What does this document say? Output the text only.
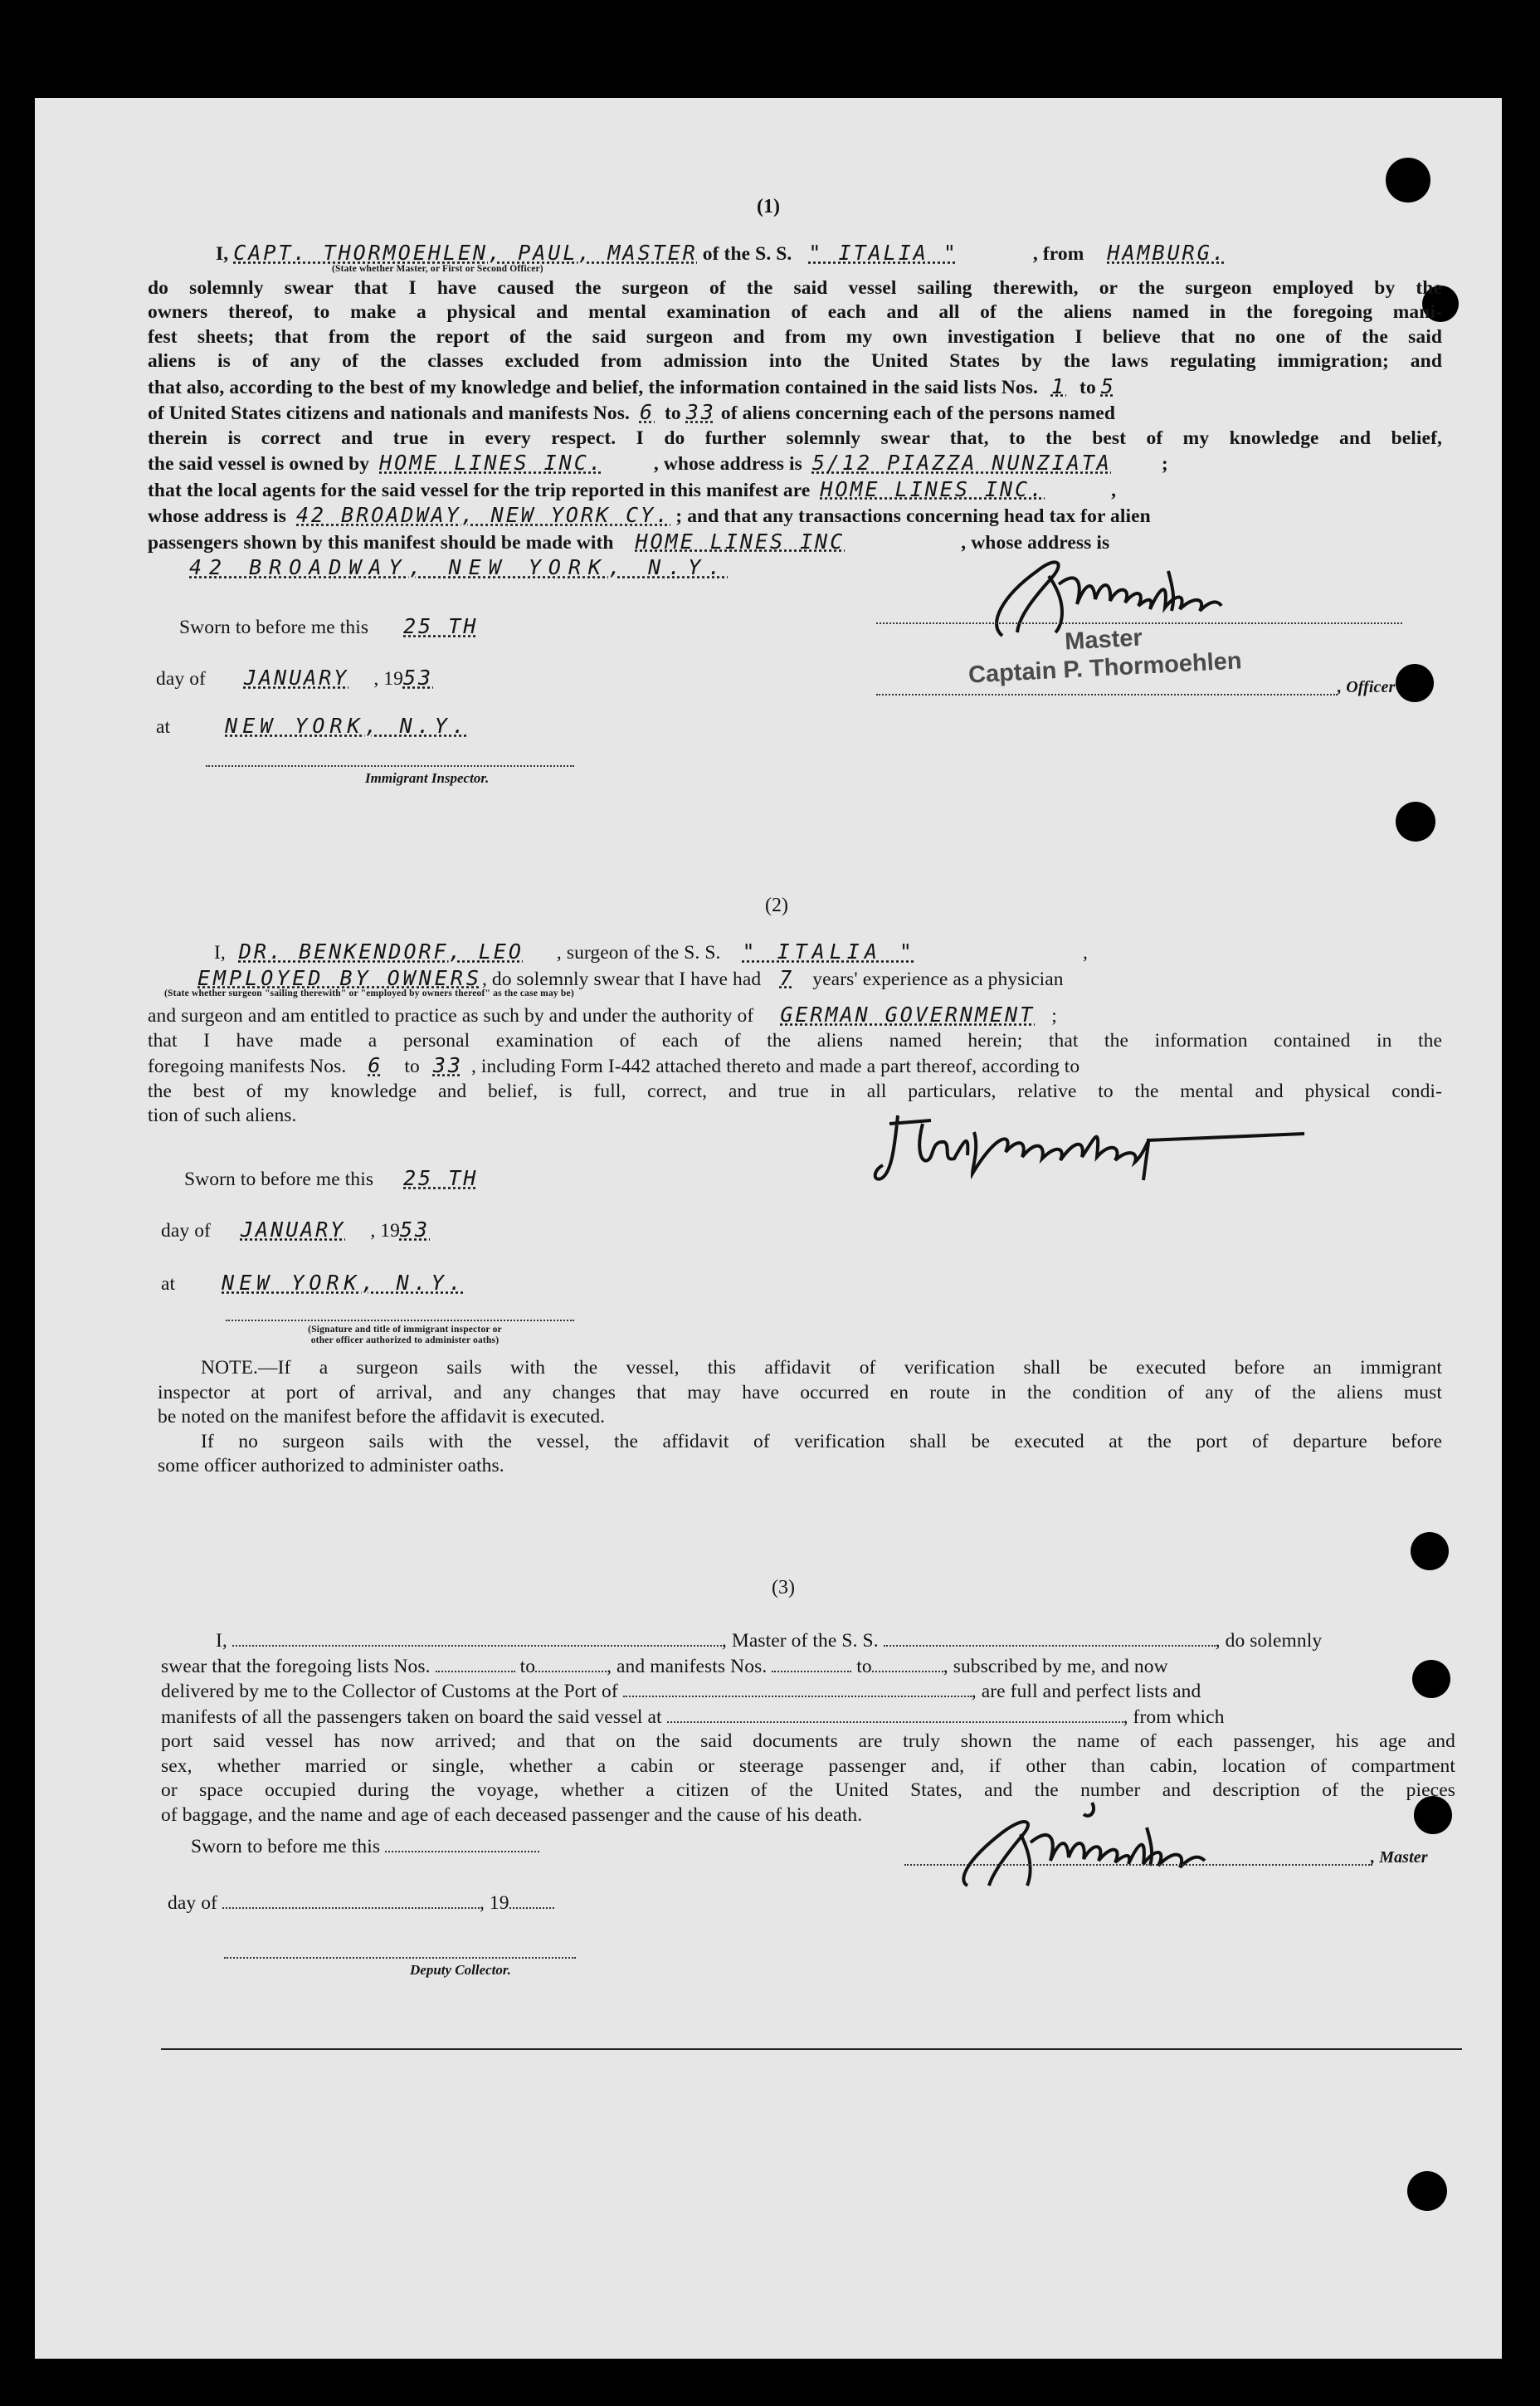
(1)
I, CAPT. THORMOEHLEN, PAUL, MASTER of the S. S. " ITALIA "	, from HAMBURG.
(State whether Master, or First or Second Officer)
do solemnly swear that I have caused the surgeon of the said vessel sailing therewith, or the surgeon employed by the
owners thereof, to make a physical and mental examination of each and all of the aliens named in the foregoing mani-
fest sheets; that from the report of the said surgeon and from my own investigation I believe that no one of the said
aliens is of any of the classes excluded from admission into the United States by the laws regulating immigration; and
that also, according to the best of my knowledge and belief, the information contained in the said lists Nos. 1 to 5
of United States citizens and nationals and manifests Nos. 6 to 33 of aliens concerning each of the persons named
therein is correct and true in every respect. I do further solemnly swear that, to the best of my knowledge and belief,
the said vessel is owned by HOME LINES INC.	, whose address is 5/12 PIAZZA NUNZIATA	;
that the local agents for the said vessel for the trip reported in this manifest are HOME LINES INC.	,
whose address is 42 BROADWAY, NEW YORK CY. ; and that any transactions concerning head tax for alien
passengers shown by this manifest should be made with HOME LINES INC	, whose address is
42 BROADWAY, NEW YORK, N.Y.
Sworn to before me this 25 TH
day of JANUARY , 1953
at	NEW YORK, N.Y.
Immigrant Inspector.
Master
Captain P. Thormoehlen	, Officer
(2)
I, DR. BENKENDORF, LEO , surgeon of the S. S. " ITALIA "	,
EMPLOYED BY OWNERS, do solemnly swear that I have had 7 years' experience as a physician
(State whether surgeon "sailing therewith" or "employed by owners thereof" as the case may be)
and surgeon and am entitled to practice as such by and under the authority of GERMAN GOVERNMENT ;
that I have made a personal examination of each of the aliens named herein; that the information contained in the
foregoing manifests Nos. 6 to 33 , including Form I-442 attached thereto and made a part thereof, according to
the best of my knowledge and belief, is full, correct, and true in all particulars, relative to the mental and physical condi-
tion of such aliens.
Sworn to before me this 25 TH
day of JANUARY , 1953
at NEW YORK, N.Y.
(Signature and title of immigrant inspector or
other officer authorized to administer oaths)
NOTE.—If a surgeon sails with the vessel, this affidavit of verification shall be executed before an immigrant
inspector at port of arrival, and any changes that may have occurred en route in the condition of any of the aliens must
be noted on the manifest before the affidavit is executed.
If no surgeon sails with the vessel, the affidavit of verification shall be executed at the port of departure before
some officer authorized to administer oaths.
(3)
I,	, Master of the S. S.	, do solemnly
swear that the foregoing lists Nos.	to	, and manifests Nos.	to	, subscribed by me, and now
delivered by me to the Collector of Customs at the Port of	, are full and perfect lists and
manifests of all the passengers taken on board the said vessel at	, from which
port said vessel has now arrived; and that on the said documents are truly shown the name of each passenger, his age and
sex, whether married or single, whether a cabin or steerage passenger and, if other than cabin, location of compartment
or space occupied during the voyage, whether a citizen of the United States, and the number and description of the pieces
of baggage, and the name and age of each deceased passenger and the cause of his death.
Sworn to before me this
day of	, 19
Deputy Collector.
, Master
